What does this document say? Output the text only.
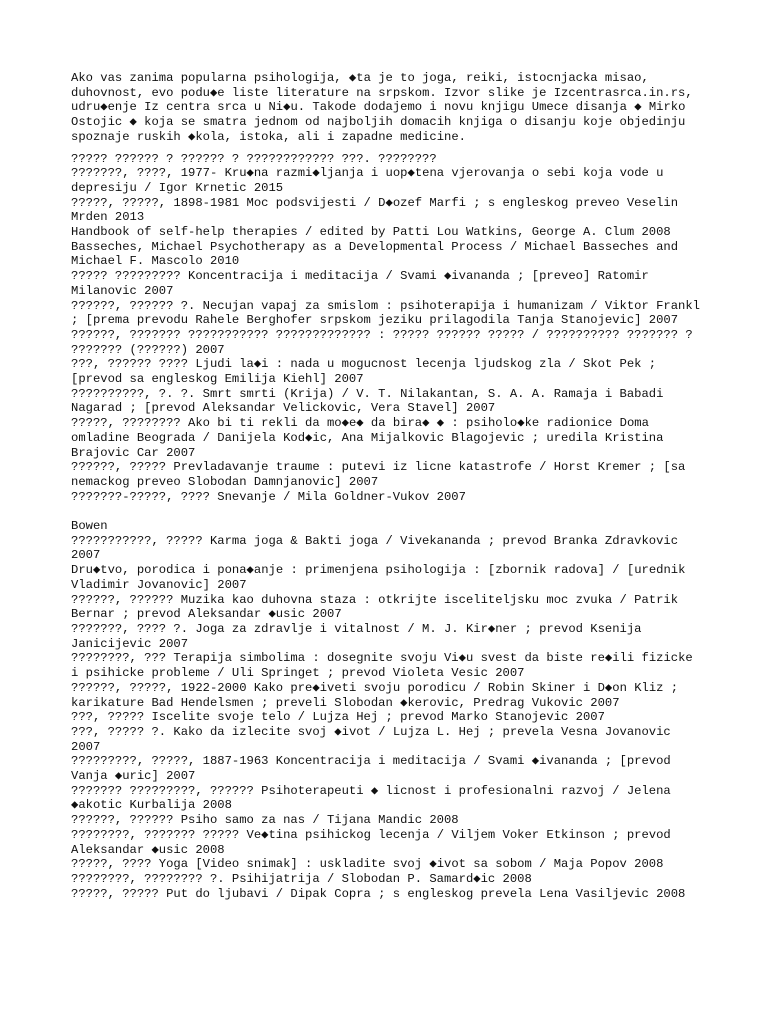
Ako vas zanima popularna psihologija, ◆ta je to joga, reiki, istocnjacka misao, duhovnost, evo podu◆e liste literature na srpskom. Izvor slike je Izcentrasrca.in.rs, udru◆enje Iz centra srca u Ni◆u. Takode dodajemo i novu knjigu Umece disanja ◆ Mirko Ostojic ◆ koja se smatra jednom od najboljih domacih knjiga o disanju koje objedinju spoznaje ruskih ◆kola, istoka, ali i zapadne medicine.

????? ?????? ? ?????? ? ???????????? ???. ????????

???????, ????, 1977- Kru◆na razmi◆ljanja i uop◆tena vjerovanja o sebi koja vode u depresiju / Igor Krnetic 2015

?????, ?????, 1898-1981 Moc podsvijesti / D◆ozef Marfi ; s engleskog preveo Veselin Mrden 2013

Handbook of self-help therapies / edited by Patti Lou Watkins, George A. Clum 2008

Basseches, Michael Psychotherapy as a Developmental Process / Michael Basseches and Michael F. Mascolo 2010

????? ????????? Koncentracija i meditacija / Svami ◆ivananda ; [preveo] Ratomir Milanovic 2007

??????, ?????? ?. Necujan vapaj za smislom : psihoterapija i humanizam / Viktor Frankl ; [prema prevodu Rahele Berghofer srpskom jeziku prilagodila Tanja Stanojevic] 2007

??????, ??????? ??????????? ????????????? : ????? ?????? ????? / ?????????? ??????? ? ??????? (??????) 2007

???, ?????? ???? Ljudi la◆i : nada u mogucnost lecenja ljudskog zla / Skot Pek ; [prevod sa engleskog Emilija Kiehl] 2007

??????????, ?. ?. Smrt smrti (Krija) / V. T. Nilakantan, S. A. A. Ramaja i Babadi Nagarad ; [prevod Aleksandar Velickovic, Vera Stavel] 2007

?????, ???????? Ako bi ti rekli da mo◆e◆ da bira◆ ◆ : psiholo◆ke radionice Doma omladine Beograda / Danijela Kod◆ic, Ana Mijalkovic Blagojevic ; uredila Kristina Brajovic Car 2007

??????, ????? Prevladavanje traume : putevi iz licne katastrofe / Horst Kremer ; [sa nemackog preveo Slobodan Damnjanovic] 2007

???????-?????, ???? Snevanje / Mila Goldner-Vukov 2007

Bowen

???????????, ????? Karma joga & Bakti joga / Vivekananda ; prevod Branka Zdravkovic 2007

Dru◆tvo, porodica i pona◆anje : primenjena psihologija : [zbornik radova] / [urednik Vladimir Jovanovic] 2007

??????, ?????? Muzika kao duhovna staza : otkrijte isceliteljsku moc zvuka / Patrik Bernar ; prevod Aleksandar ◆usic 2007

???????, ???? ?. Joga za zdravlje i vitalnost / M. J. Kir◆ner ; prevod Ksenija Janicijevic 2007

????????, ??? Terapija simbolima : dosegnite svoju Vi◆u svest da biste re◆ili fizicke i psihicke probleme / Uli Springet ; prevod Violeta Vesic 2007

??????, ?????, 1922-2000 Kako pre◆iveti svoju porodicu / Robin Skiner i D◆on Kliz ; karikature Bad Hendelsmen ; preveli Slobodan ◆kerovic, Predrag Vukovic 2007

???, ????? Iscelite svoje telo / Lujza Hej ; prevod Marko Stanojevic 2007

???, ????? ?. Kako da izlecite svoj ◆ivot / Lujza L. Hej ; prevela Vesna Jovanovic 2007

?????????, ?????, 1887-1963 Koncentracija i meditacija / Svami ◆ivananda ; [prevod Vanja ◆uric] 2007

??????? ?????????, ?????? Psihoterapeuti ◆ licnost i profesionalni razvoj / Jelena ◆akotic Kurbalija 2008

??????, ?????? Psiho samo za nas / Tijana Mandic 2008

????????, ??????? ????? Ve◆tina psihickog lecenja / Viljem Voker Etkinson ; prevod Aleksandar ◆usic 2008

?????, ???? Yoga [Video snimak] : uskladite svoj ◆ivot sa sobom / Maja Popov 2008

????????, ???????? ?. Psihijatrija / Slobodan P. Samard◆ic 2008

?????, ????? Put do ljubavi / Dipak Copra ; s engleskog prevela Lena Vasiljevic 2008
